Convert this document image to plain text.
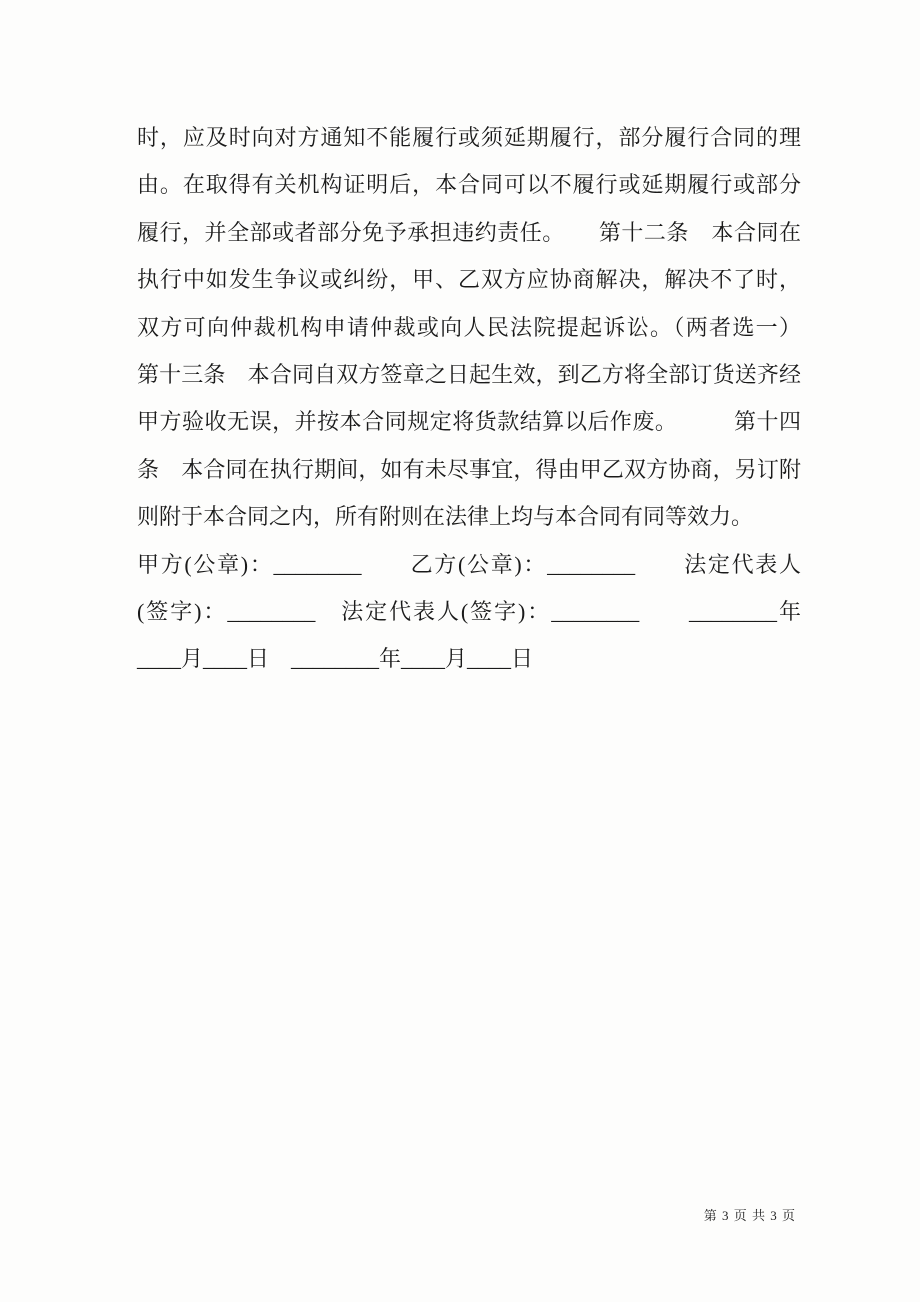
时，应及时向对方通知不能履行或须延期履行，部分履行合同的理
由。在取得有关机构证明后，本合同可以不履行或延期履行或部分
履行，并全部或者部分免予承担违约责任。　　第十二条　本合同在
执行中如发生争议或纠纷，甲、乙双方应协商解决，解决不了时，
双方可向仲裁机构申请仲裁或向人民法院提起诉讼。（两者选一）
第十三条　本合同自双方签章之日起生效，到乙方将全部订货送齐经
甲方验收无误，并按本合同规定将货款结算以后作废。　　　第十四
条　本合同在执行期间，如有未尽事宜，得由甲乙双方协商，另订附
则附于本合同之内，所有附则在法律上均与本合同有同等效力。
甲方(公章)：________　　乙方(公章)：________　　法定代表人
(签字)：________　法定代表人(签字)：________　　________年
____月____日　________年____月____日
第 3 页 共 3 页
